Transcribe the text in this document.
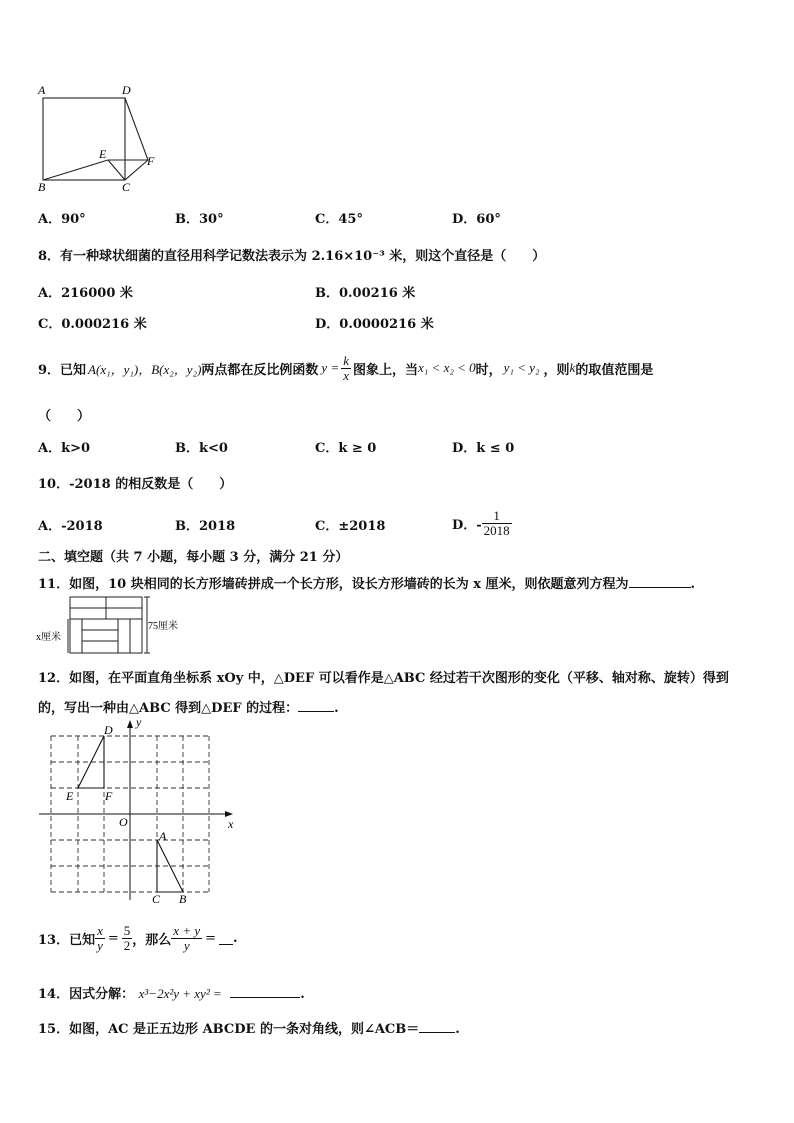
A	D
E	F
B	C
A．90°	B．30°	C．45°	D．60°
8．有一种球状细菌的直径用科学记数法表示为 2.16×10⁻³ 米，则这个直径是（　　）
A．216000 米	B．0.00216 米
C．0.000216 米	D．0.0000216 米
9．已知 A(x₁，y₁)，B(x₂，y₂) 两点都在反比例函数 $y = \frac{k}{x}$ 图象上，当 x₁ < x₂ < 0 时， y₁ < y₂ ，则 k 的取值范围是
（　　）
A．k>0	B．k<0	C．k ≥ 0	D．k ≤ 0
10．-2018 的相反数是（　　）
A．-2018	B．2018	C．±2018	D．- $\frac{1}{2018}$
二、填空题（共 7 小题，每小题 3 分，满分 21 分）
11．如图，10 块相同的长方形墙砖拼成一个长方形，设长方形墙砖的长为 x 厘米，则依题意列方程为	.
x厘米
75厘米
12．如图，在平面直角坐标系 xOy 中，△DEF 可以看作是△ABC 经过若干次图形的变化（平移、轴对称、旋转）得到
的，写出一种由△ABC 得到△DEF 的过程：	.
y
x
O
D
E	F
A
C B
13．已知 $\frac{x}{y} = \frac{5}{2}$ ，那么 $\frac{x + y}{y}$ = .
14．因式分解： x³−2x²y + xy² =	.
15．如图，AC 是正五边形 ABCDE 的一条对角线，则∠ACB＝	.
